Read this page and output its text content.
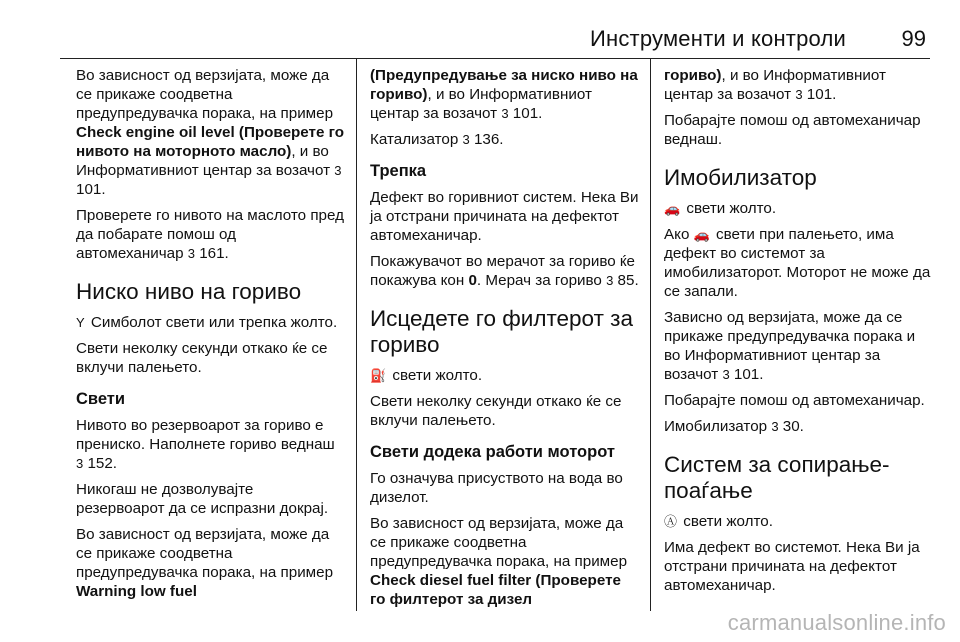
Инструменти и контроли	99

Во зависност од верзијата, може да се прикаже соодветна предупредувачка порака, на пример Check engine oil level (Проверете го нивото на моторното масло), и во Информативниот центар за возачот 3 101.

Проверете го нивото на маслото пред да побарате помош од автомеханичар 3 161.

Ниско ниво на гориво

Y Симболот свети или трепка жолто.

Свети неколку секунди откако ќе се вклучи палењето.

Свети

Нивото во резервоарот за гориво е прениско. Наполнете гориво веднаш 3 152.

Никогаш не дозволувајте резервоарот да се испразни докрај.

Во зависност од верзијата, може да се прикаже соодветна предупредувачка порака, на пример Warning low fuel

(Предупредување за ниско ниво на гориво), и во Информативниот центар за возачот 3 101.

Катализатор 3 136.

Трепка

Дефект во горивниот систем. Нека Ви ја отстрани причината на дефектот автомеханичар.

Покажувачот во мерачот за гориво ќе покажува кон 0. Мерач за гориво 3 85.

Исцедете го филтерот за гориво

⛽ свети жолто.

Свети неколку секунди откако ќе се вклучи палењето.

Свети додека работи моторот

Го означува присуството на вода во дизелот.

Во зависност од верзијата, може да се прикаже соодветна предупредувачка порака, на пример Check diesel fuel filter (Проверете го филтерот за дизел

гориво), и во Информативниот центар за возачот 3 101.

Побарајте помош од автомеханичар веднаш.

Имобилизатор

🚗 свети жолто.

Ако 🚗 свети при палењето, има дефект во системот за имобилизаторот. Моторот не може да се запали.

Зависно од верзијата, може да се прикаже предупредувачка порака и во Информативниот центар за возачот 3 101.

Побарајте помош од автомеханичар.

Имобилизатор 3 30.

Систем за сопирање-поаѓање

Ⓐ свети жолто.

Има дефект во системот. Нека Ви ја отстрани причината на дефектот автомеханичар.

carmanualsonline.info
